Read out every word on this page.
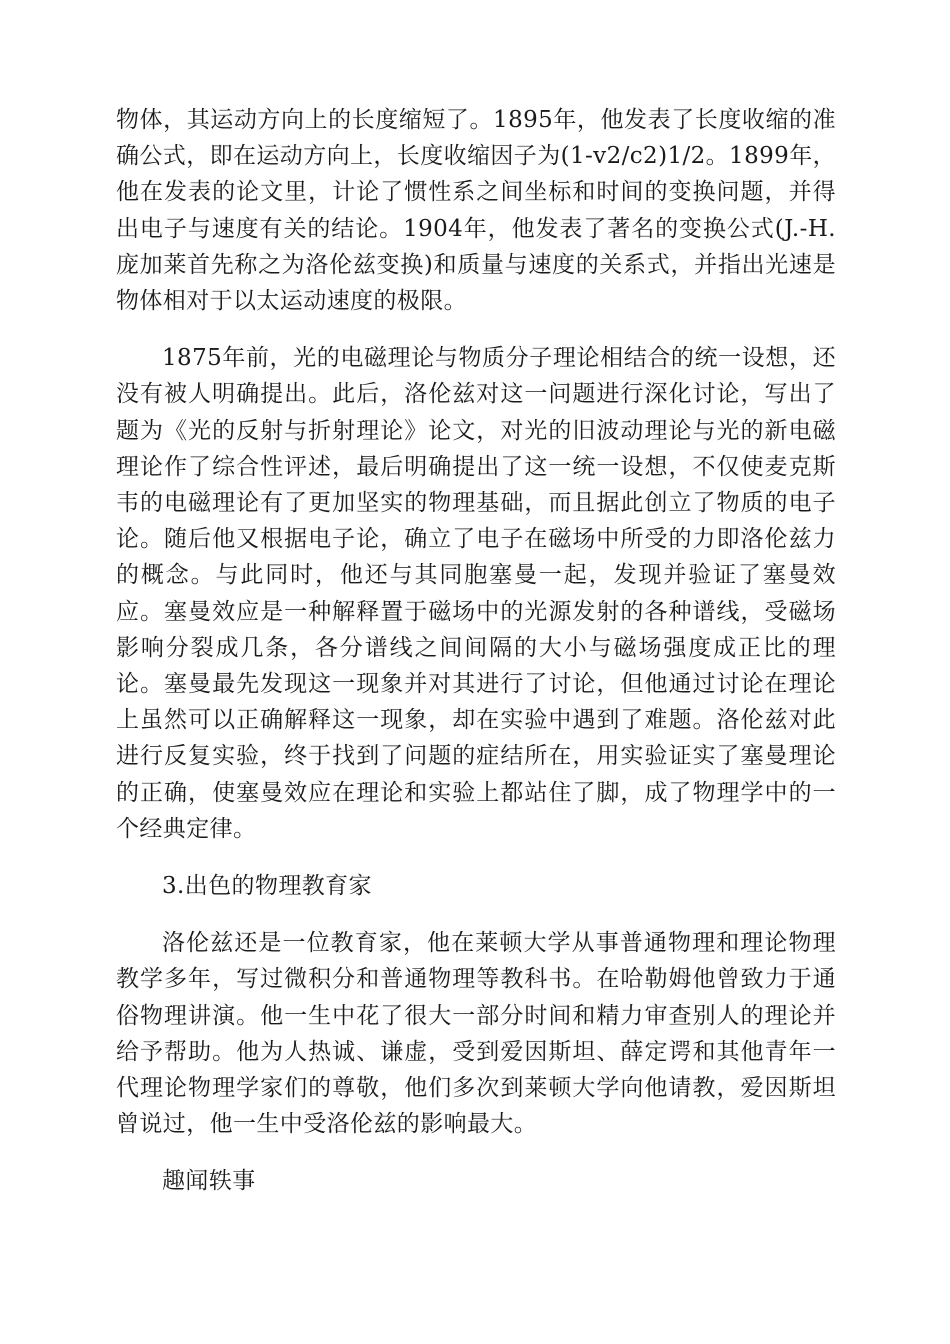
物体，其运动方向上的长度缩短了。1895年，他发表了长度收缩的准确公式，即在运动方向上，长度收缩因子为(1-v2/c2)1/2。1899年，他在发表的论文里，计论了惯性系之间坐标和时间的变换问题，并得出电子与速度有关的结论。1904年，他发表了著名的变换公式(J.-H.庞加莱首先称之为洛伦兹变换)和质量与速度的关系式，并指出光速是物体相对于以太运动速度的极限。

1875年前，光的电磁理论与物质分子理论相结合的统一设想，还没有被人明确提出。此后，洛伦兹对这一问题进行深化讨论，写出了题为《光的反射与折射理论》论文，对光的旧波动理论与光的新电磁理论作了综合性评述，最后明确提出了这一统一设想，不仅使麦克斯韦的电磁理论有了更加坚实的物理基础，而且据此创立了物质的电子论。随后他又根据电子论，确立了电子在磁场中所受的力即洛伦兹力的概念。与此同时，他还与其同胞塞曼一起，发现并验证了塞曼效应。塞曼效应是一种解释置于磁场中的光源发射的各种谱线，受磁场影响分裂成几条，各分谱线之间间隔的大小与磁场强度成正比的理论。塞曼最先发现这一现象并对其进行了讨论，但他通过讨论在理论上虽然可以正确解释这一现象，却在实验中遇到了难题。洛伦兹对此进行反复实验，终于找到了问题的症结所在，用实验证实了塞曼理论的正确，使塞曼效应在理论和实验上都站住了脚，成了物理学中的一个经典定律。

3.出色的物理教育家

洛伦兹还是一位教育家，他在莱顿大学从事普通物理和理论物理教学多年，写过微积分和普通物理等教科书。在哈勒姆他曾致力于通俗物理讲演。他一生中花了很大一部分时间和精力审查别人的理论并给予帮助。他为人热诚、谦虚，受到爱因斯坦、薛定谔和其他青年一代理论物理学家们的尊敬，他们多次到莱顿大学向他请教，爱因斯坦曾说过，他一生中受洛伦兹的影响最大。

趣闻轶事
